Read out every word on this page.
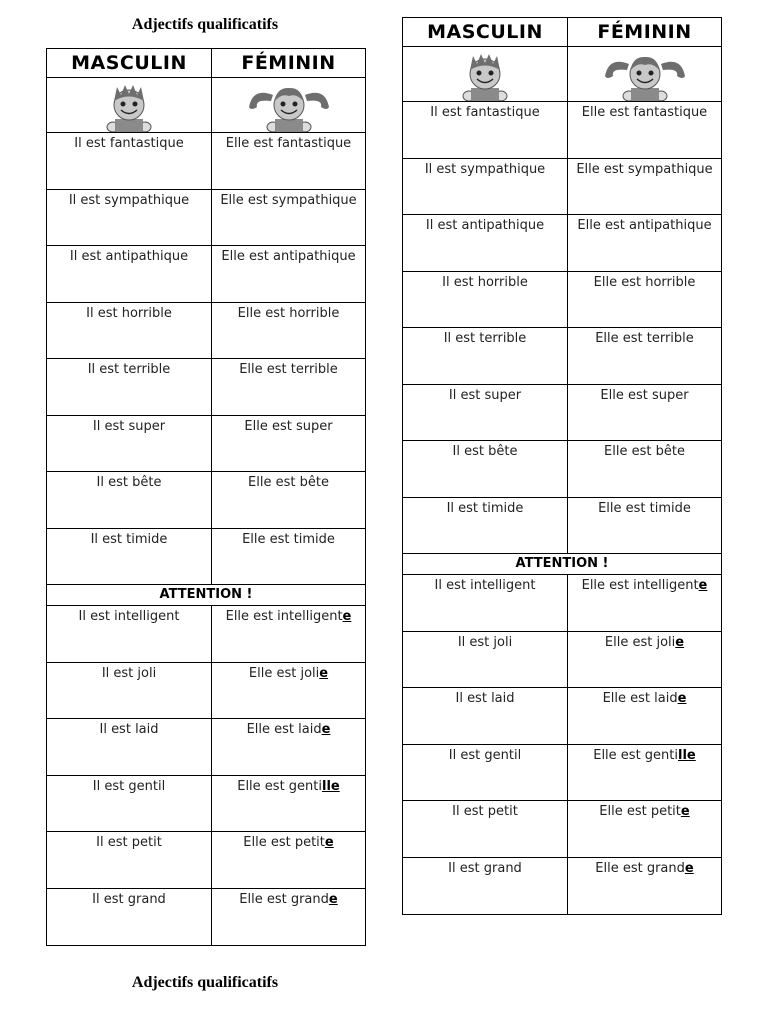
Adjectifs qualificatifs
Adjectifs qualificatifs
MASCULIN	FÉMININ
Il est fantastique	Elle est fantastique
Il est sympathique	Elle est sympathique
Il est antipathique	Elle est antipathique
Il est horrible	Elle est horrible
Il est terrible	Elle est terrible
Il est super	Elle est super
Il est bête	Elle est bête
Il est timide	Elle est timide
ATTENTION !
Il est intelligent	Elle est intelligente
Il est joli	Elle est jolie
Il est laid	Elle est laide
Il est gentil	Elle est gentille
Il est petit	Elle est petite
Il est grand	Elle est grande
MASCULIN	FÉMININ
Il est fantastique	Elle est fantastique
Il est sympathique	Elle est sympathique
Il est antipathique	Elle est antipathique
Il est horrible	Elle est horrible
Il est terrible	Elle est terrible
Il est super	Elle est super
Il est bête	Elle est bête
Il est timide	Elle est timide
ATTENTION !
Il est intelligent	Elle est intelligente
Il est joli	Elle est jolie
Il est laid	Elle est laide
Il est gentil	Elle est gentille
Il est petit	Elle est petite
Il est grand	Elle est grande
